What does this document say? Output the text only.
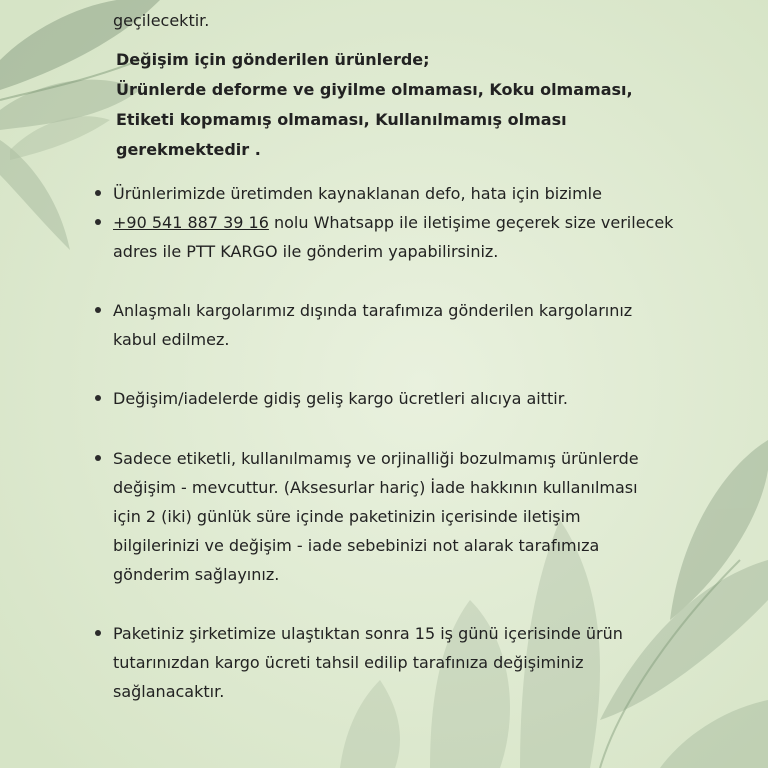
geçilecektir.
Değişim için gönderilen ürünlerde;
Ürünlerde deforme ve giyilme olmaması, Koku olmaması,
Etiketi kopmamış olmaması, Kullanılmamış olması
gerekmektedir .
Ürünlerimizde üretimden kaynaklanan defo, hata için bizimle
+90 541 887 39 16 nolu Whatsapp ile iletişime geçerek size verilecek
adres ile PTT KARGO ile gönderim yapabilirsiniz.
Anlaşmalı kargolarımız dışında tarafımıza gönderilen kargolarınız
kabul edilmez.
Değişim/iadelerde gidiş geliş kargo ücretleri alıcıya aittir.
Sadece etiketli, kullanılmamış ve orjinalliği bozulmamış ürünlerde
değişim - mevcuttur. (Aksesurlar hariç) İade hakkının kullanılması
için 2 (iki) günlük süre içinde paketinizin içerisinde iletişim
bilgilerinizi ve değişim - iade sebebinizi not alarak tarafımıza
gönderim sağlayınız.
Paketiniz şirketimize ulaştıktan sonra 15 iş günü içerisinde ürün
tutarınızdan kargo ücreti tahsil edilip tarafınıza değişiminiz
sağlanacaktır.
